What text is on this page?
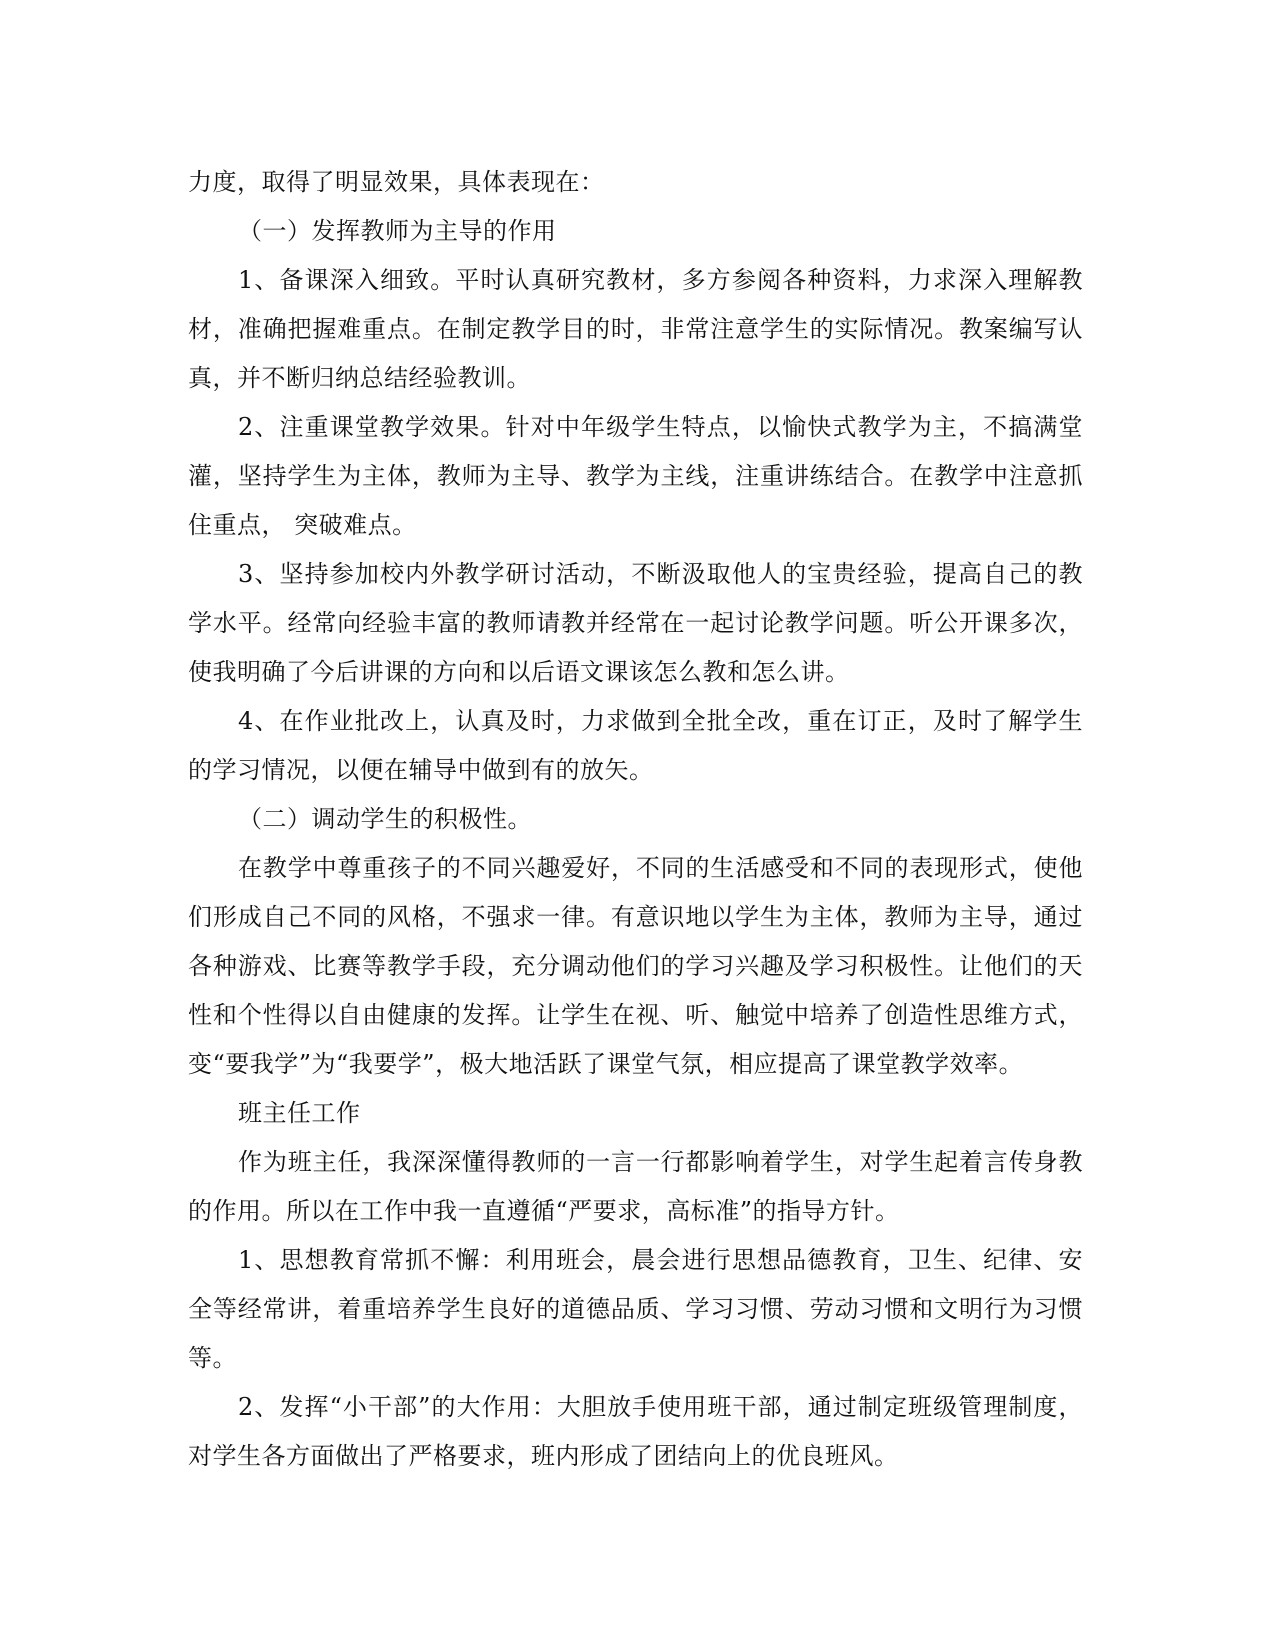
力度，取得了明显效果，具体表现在：

（一）发挥教师为主导的作用

1、备课深入细致。平时认真研究教材，多方参阅各种资料，力求深入理解教材，准确把握难重点。在制定教学目的时，非常注意学生的实际情况。教案编写认真，并不断归纳总结经验教训。

2、注重课堂教学效果。针对中年级学生特点，以愉快式教学为主，不搞满堂灌，坚持学生为主体，教师为主导、教学为主线，注重讲练结合。在教学中注意抓住重点， 突破难点。

3、坚持参加校内外教学研讨活动，不断汲取他人的宝贵经验，提高自己的教学水平。经常向经验丰富的教师请教并经常在一起讨论教学问题。听公开课多次，使我明确了今后讲课的方向和以后语文课该怎么教和怎么讲。

4、在作业批改上，认真及时，力求做到全批全改，重在订正，及时了解学生的学习情况，以便在辅导中做到有的放矢。

（二）调动学生的积极性。

在教学中尊重孩子的不同兴趣爱好，不同的生活感受和不同的表现形式，使他们形成自己不同的风格，不强求一律。有意识地以学生为主体，教师为主导，通过各种游戏、比赛等教学手段，充分调动他们的学习兴趣及学习积极性。让他们的天性和个性得以自由健康的发挥。让学生在视、听、触觉中培养了创造性思维方式，变“要我学”为“我要学”，极大地活跃了课堂气氛，相应提高了课堂教学效率。

班主任工作

作为班主任，我深深懂得教师的一言一行都影响着学生，对学生起着言传身教的作用。所以在工作中我一直遵循“严要求，高标准”的指导方针。

1、思想教育常抓不懈：利用班会，晨会进行思想品德教育，卫生、纪律、安全等经常讲，着重培养学生良好的道德品质、学习习惯、劳动习惯和文明行为习惯等。

2、发挥“小干部”的大作用：大胆放手使用班干部，通过制定班级管理制度，对学生各方面做出了严格要求，班内形成了团结向上的优良班风。
